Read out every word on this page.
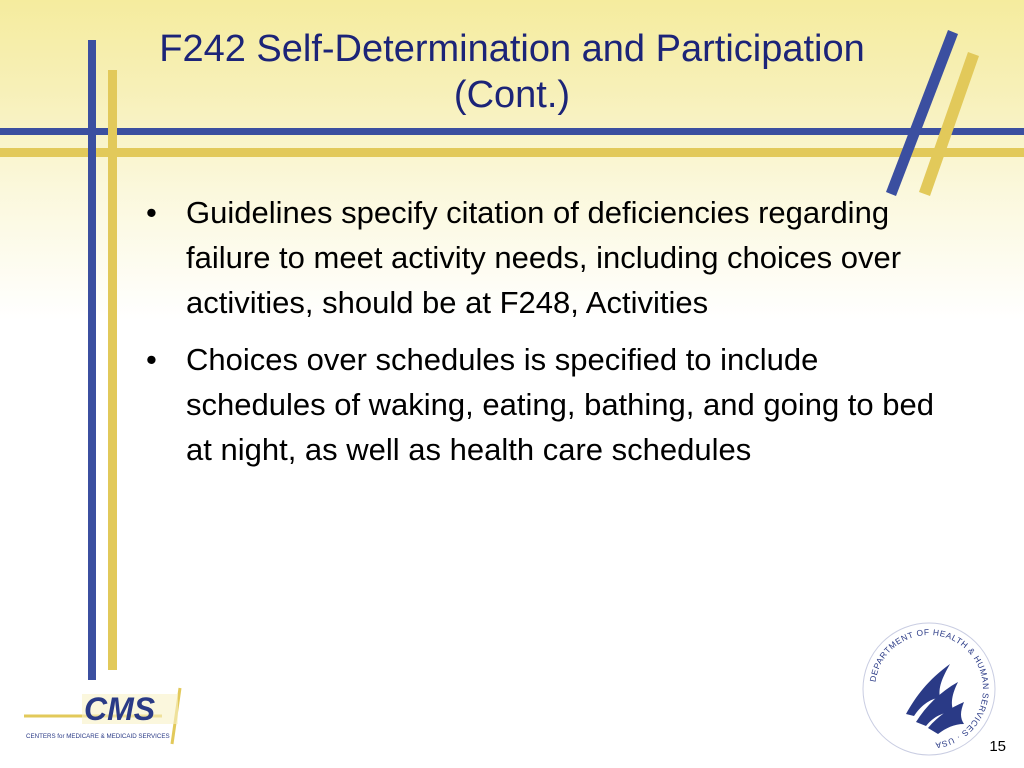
F242 Self-Determination and Participation
(Cont.)
• Guidelines specify citation of deficiencies regarding failure to meet activity needs, including choices over activities, should be at F248, Activities
• Choices over schedules is specified to include schedules of waking, eating, bathing, and going to bed at night, as well as health care schedules
CMS
CENTERS for MEDICARE & MEDICAID SERVICES
DEPARTMENT OF HEALTH & HUMAN SERVICES · USA	15
